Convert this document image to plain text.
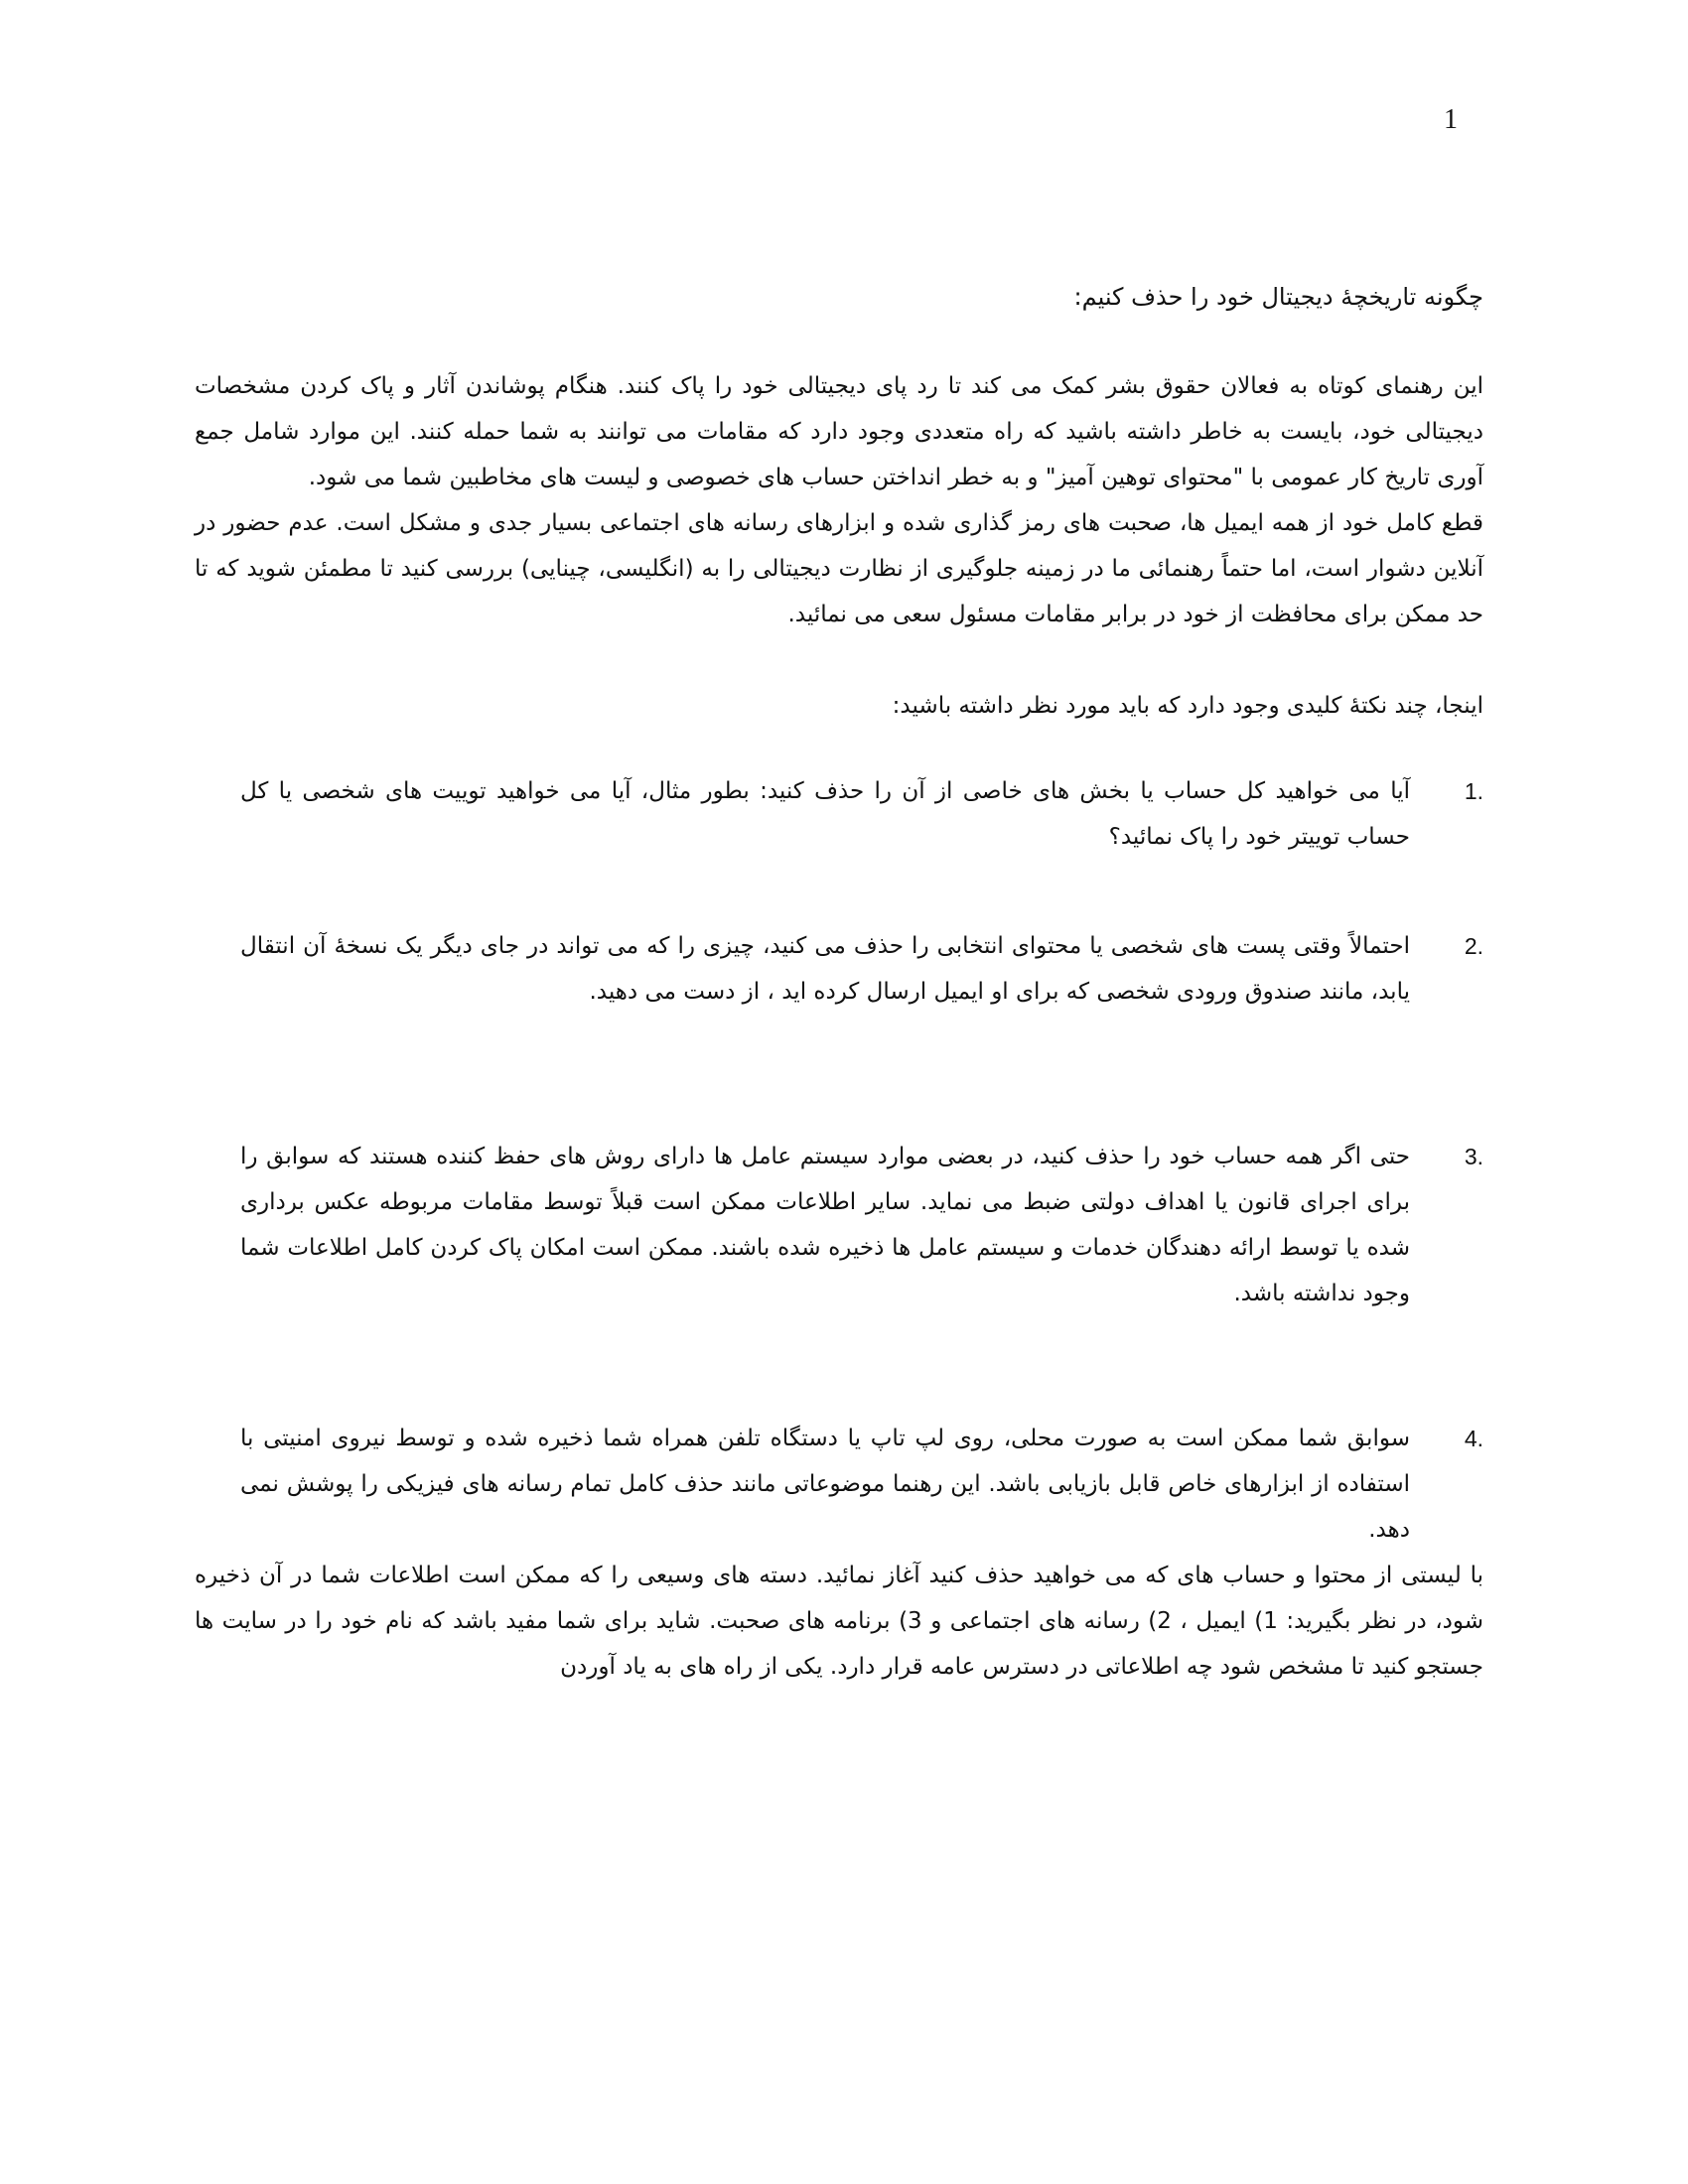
1
چگونه تاریخچۀ دیجیتال خود را حذف کنیم:

این رهنمای کوتاه به فعالان حقوق بشر کمک می کند تا رد پای دیجیتالی خود را پاک کنند. هنگام پوشاندن آثار و پاک کردن مشخصات دیجیتالی خود، بایست به خاطر داشته باشید که راه متعددی وجود دارد که مقامات می توانند به شما حمله کنند. این موارد شامل جمع آوری تاریخ کار عمومی با "محتوای توهین آمیز" و به خطر انداختن حساب های خصوصی و لیست های مخاطبین شما می شود.

قطع کامل خود از همه ایمیل ها، صحبت های رمز گذاری شده و ابزارهای رسانه های اجتماعی بسیار جدی و مشکل است. عدم حضور در آنلاین دشوار است، اما حتماً رهنمائی ما در زمینه جلوگیری از نظارت دیجیتالی را به (انگلیسی، چینایی) بررسی کنید تا مطمئن شوید که تا حد ممکن برای محافظت از خود در برابر مقامات مسئول سعی می نمائید.

اینجا، چند نکتۀ کلیدی وجود دارد که باید مورد نظر داشته باشید:

1.
آیا می خواهید کل حساب یا بخش های خاصی از آن را حذف کنید: بطور مثال، آیا می خواهید توییت های شخصی یا کل حساب توییتر خود را پاک نمائید؟
2.
احتمالاً وقتی پست های شخصی یا محتوای انتخابی را حذف می کنید، چیزی را که می تواند در جای دیگر یک نسخۀ آن انتقال یابد، مانند صندوق ورودی شخصی که برای او ایمیل ارسال کرده اید ، از دست می دهید.
3.
حتی اگر همه حساب خود را حذف کنید، در بعضی موارد سیستم عامل ها دارای روش های حفظ کننده هستند که سوابق را برای اجرای قانون یا اهداف دولتی ضبط می نماید. سایر اطلاعات ممکن است قبلاً توسط مقامات مربوطه عکس برداری شده یا توسط ارائه دهندگان خدمات و سیستم عامل ها ذخیره شده باشند. ممکن است امکان پاک کردن کامل اطلاعات شما وجود نداشته باشد.
4.
سوابق شما ممکن است به صورت محلی، روی لپ تاپ یا دستگاه تلفن همراه شما ذخیره شده و توسط نیروی امنیتی با استفاده از ابزارهای خاص قابل بازیابی باشد. این رهنما موضوعاتی مانند حذف کامل تمام رسانه های فیزیکی را پوشش نمی دهد.

با لیستی از محتوا و حساب های که می خواهید حذف کنید آغاز نمائید. دسته های وسیعی را که ممکن است اطلاعات شما در آن ذخیره شود، در نظر بگیرید: 1) ایمیل ، 2) رسانه های اجتماعی و 3) برنامه های صحبت. شاید برای شما مفید باشد که نام خود را در سایت ها جستجو کنید تا مشخص شود چه اطلاعاتی در دسترس عامه قرار دارد. یکی از راه های به یاد آوردن
